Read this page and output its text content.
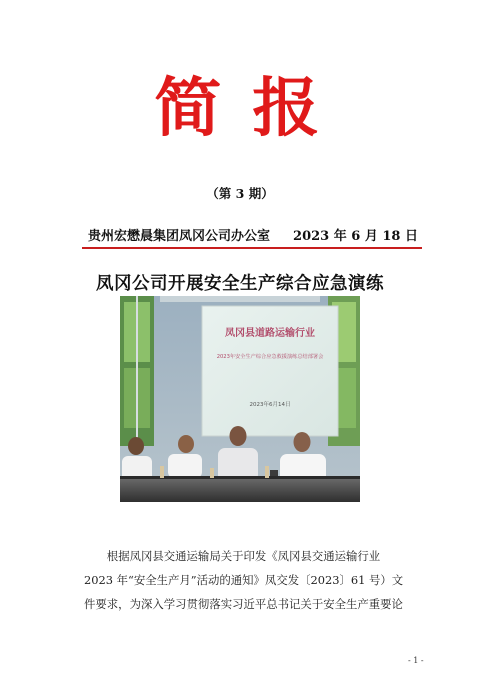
简 报
（第 3 期）
贵州宏懋晨集团凤冈公司办公室 2023 年 6 月 18 日
凤冈公司开展安全生产综合应急演练
凤冈县道路运输行业
2023年安全生产综合应急救援演练总结部署会
2023年6月14日
根据凤冈县交通运输局关于印发《凤冈县交通运输行业
2023 年“安全生产月”活动的通知》凤交发〔2023〕61 号）文
件要求，为深入学习贯彻落实习近平总书记关于安全生产重要论
- 1 -
